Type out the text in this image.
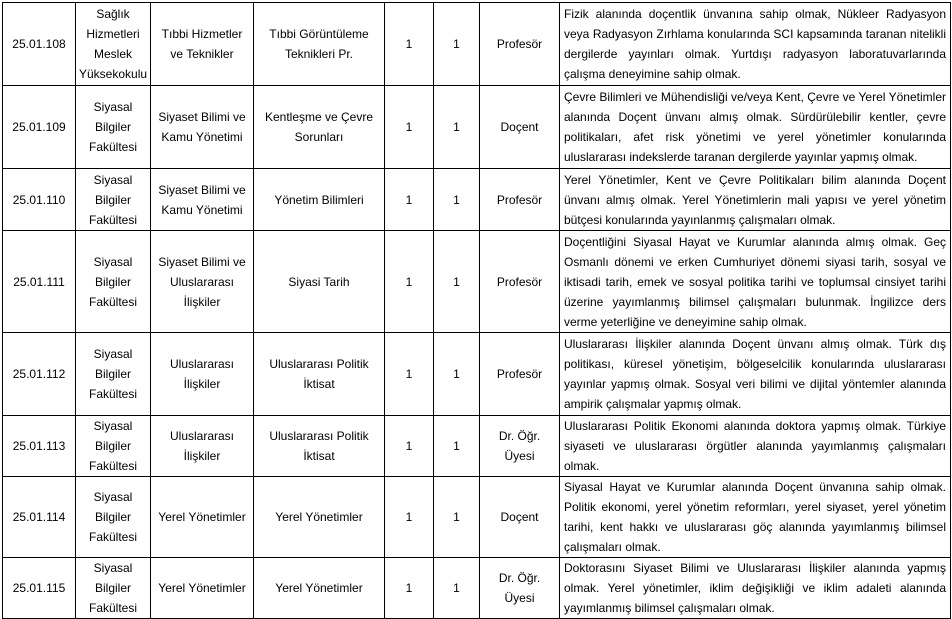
25.01.108	Sağlık Hizmetleri Meslek Yüksekokulu	Tıbbi Hizmetler ve Teknikler	Tıbbi Görüntüleme Teknikleri Pr.	1	1	Profesör	Fizik alanında doçentlik ünvanına sahip olmak, Nükleer Radyasyon veya Radyasyon Zırhlama konularında SCI kapsamında taranan nitelikli dergilerde yayınları olmak. Yurtdışı radyasyon laboratuvarlarında çalışma deneyimine sahip olmak.
25.01.109	Siyasal Bilgiler Fakültesi	Siyaset Bilimi ve Kamu Yönetimi	Kentleşme ve Çevre Sorunları	1	1	Doçent	Çevre Bilimleri ve Mühendisliği ve/veya Kent, Çevre ve Yerel Yönetimler alanında Doçent ünvanı almış olmak. Sürdürülebilir kentler, çevre politikaları, afet risk yönetimi ve yerel yönetimler konularında uluslararası indekslerde taranan dergilerde yayınlar yapmış olmak.
25.01.110	Siyasal Bilgiler Fakültesi	Siyaset Bilimi ve Kamu Yönetimi	Yönetim Bilimleri	1	1	Profesör	Yerel Yönetimler, Kent ve Çevre Politikaları bilim alanında Doçent ünvanı almış olmak. Yerel Yönetimlerin mali yapısı ve yerel yönetim bütçesi konularında yayınlanmış çalışmaları olmak.
25.01.111	Siyasal Bilgiler Fakültesi	Siyaset Bilimi ve Uluslararası İlişkiler	Siyasi Tarih	1	1	Profesör	Doçentliğini Siyasal Hayat ve Kurumlar alanında almış olmak. Geç Osmanlı dönemi ve erken Cumhuriyet dönemi siyasi tarih, sosyal ve iktisadi tarih, emek ve sosyal politika tarihi ve toplumsal cinsiyet tarihi üzerine yayımlanmış bilimsel çalışmaları bulunmak. İngilizce ders verme yeterliğine ve deneyimine sahip olmak.
25.01.112	Siyasal Bilgiler Fakültesi	Uluslararası İlişkiler	Uluslararası Politik İktisat	1	1	Profesör	Uluslararası İlişkiler alanında Doçent ünvanı almış olmak. Türk dış politikası, küresel yönetişim, bölgeselcilik konularında uluslararası yayınlar yapmış olmak. Sosyal veri bilimi ve dijital yöntemler alanında ampirik çalışmalar yapmış olmak.
25.01.113	Siyasal Bilgiler Fakültesi	Uluslararası İlişkiler	Uluslararası Politik İktisat	1	1	Dr. Öğr. Üyesi	Uluslararası Politik Ekonomi alanında doktora yapmış olmak. Türkiye siyaseti ve uluslararası örgütler alanında yayımlanmış çalışmaları olmak.
25.01.114	Siyasal Bilgiler Fakültesi	Yerel Yönetimler	Yerel Yönetimler	1	1	Doçent	Siyasal Hayat ve Kurumlar alanında Doçent ünvanına sahip olmak. Politik ekonomi, yerel yönetim reformları, yerel siyaset, yerel yönetim tarihi, kent hakkı ve uluslararası göç alanında yayımlanmış bilimsel çalışmaları olmak.
25.01.115	Siyasal Bilgiler Fakültesi	Yerel Yönetimler	Yerel Yönetimler	1	1	Dr. Öğr. Üyesi	Doktorasını Siyaset Bilimi ve Uluslararası İlişkiler alanında yapmış olmak. Yerel yönetimler, iklim değişikliği ve iklim adaleti alanında yayımlanmış bilimsel çalışmaları olmak.
